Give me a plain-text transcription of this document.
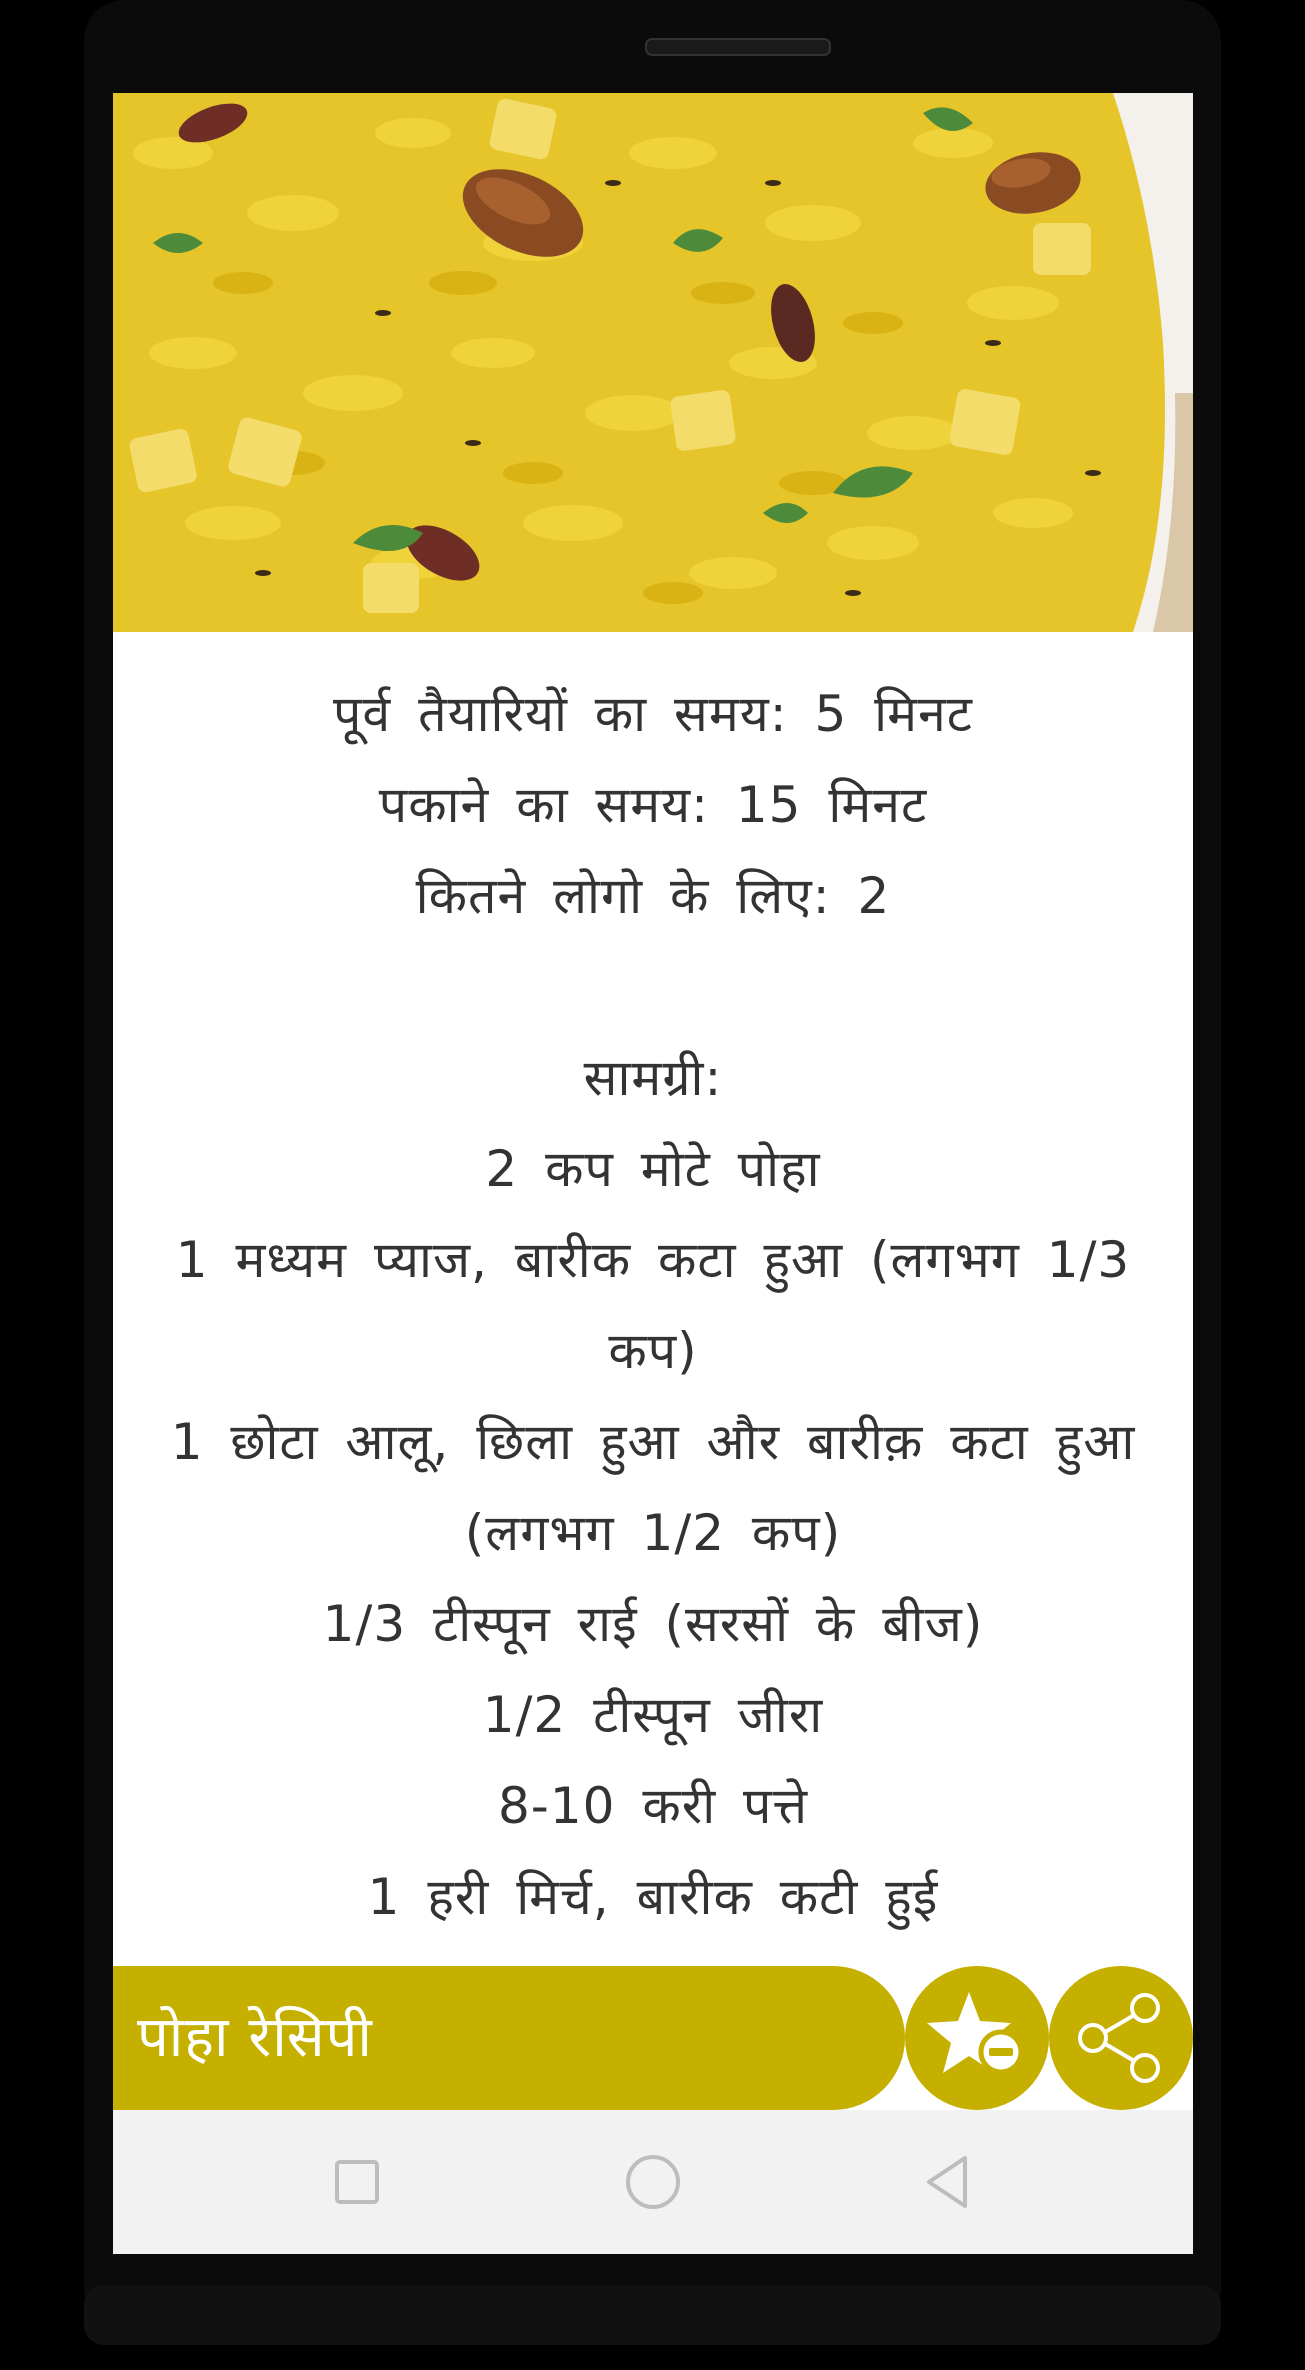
पूर्व तैयारियों का समय: 5 मिनट

पकाने का समय: 15 मिनट

कितने लोगो के लिए: 2

सामग्री:

2 कप मोटे पोहा

1 मध्यम प्याज, बारीक कटा हुआ (लगभग 1/3 कप)

1 छोटा आलू, छिला हुआ और बारीक़ कटा हुआ (लगभग 1/2 कप)

1/3 टीस्पून राई (सरसों के बीज)

1/2 टीस्पून जीरा

8-10 करी पत्ते

1 हरी मिर्च, बारीक कटी हुई

पोहा रेसिपी
